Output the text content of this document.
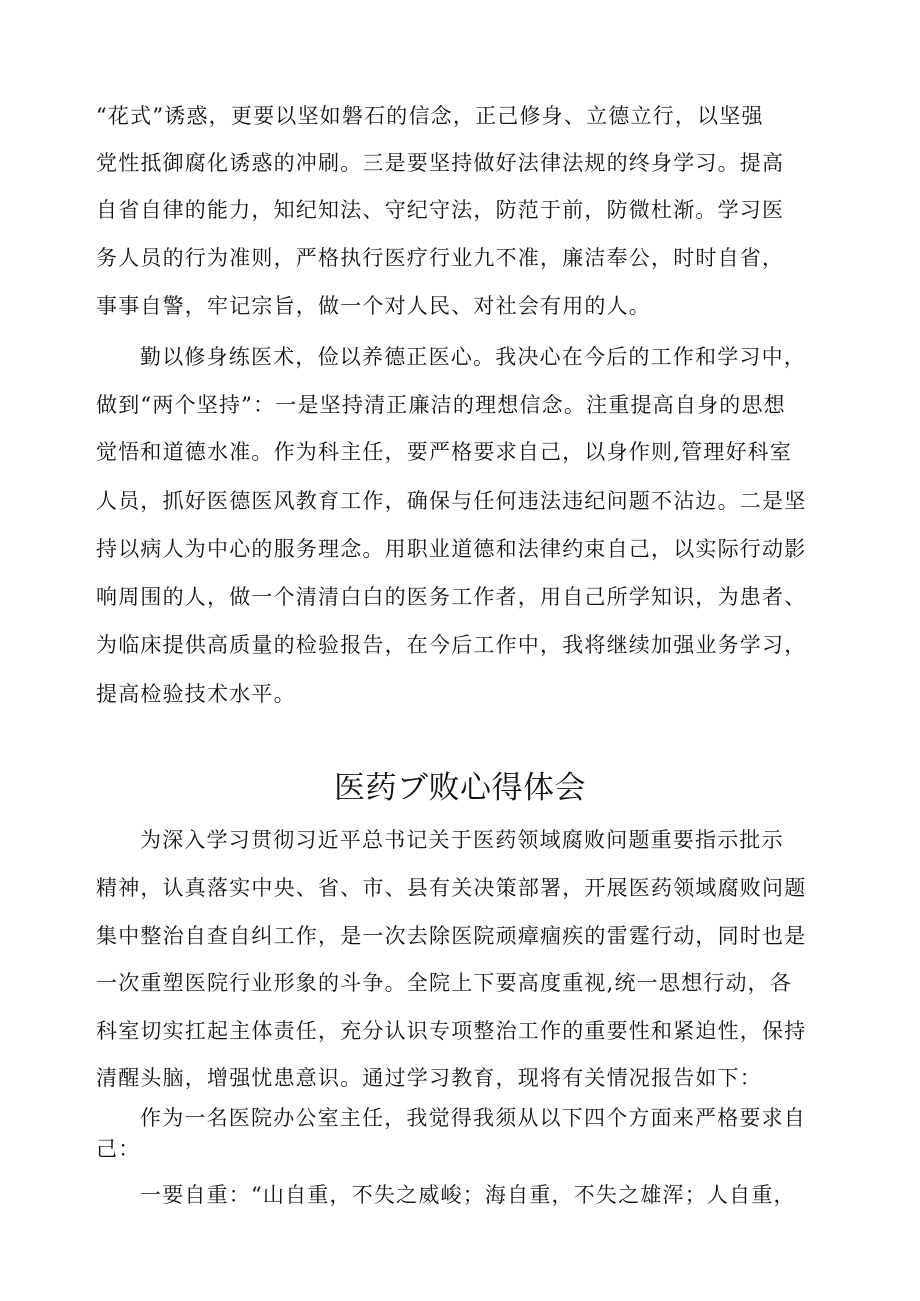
“花式”诱惑，更要以坚如磐石的信念，正己修身、立德立行，以坚强
党性抵御腐化诱惑的冲刷。三是要坚持做好法律法规的终身学习。提高
自省自律的能力，知纪知法、守纪守法，防范于前，防微杜渐。学习医
务人员的行为准则，严格执行医疗行业九不准，廉洁奉公，时时自省，
事事自警，牢记宗旨，做一个对人民、对社会有用的人。
勤以修身练医术，俭以养德正医心。我决心在今后的工作和学习中，
做到“两个坚持”：一是坚持清正廉洁的理想信念。注重提高自身的思想
觉悟和道德水准。作为科主任，要严格要求自己，以身作则,管理好科室
人员，抓好医德医风教育工作，确保与任何违法违纪问题不沾边。二是坚
持以病人为中心的服务理念。用职业道德和法律约束自己，以实际行动影
响周围的人，做一个清清白白的医务工作者，用自己所学知识，为患者、
为临床提供高质量的检验报告，在今后工作中，我将继续加强业务学习，
提高检验技术水平。
医药ブ败心得体会
为深入学习贯彻习近平总书记关于医药领域腐败问题重要指示批示
精神，认真落实中央、省、市、县有关决策部署，开展医药领域腐败问题
集中整治自查自纠工作，是一次去除医院顽瘴痼疾的雷霆行动，同时也是
一次重塑医院行业形象的斗争。全院上下要高度重视,统一思想行动，各
科室切实扛起主体责任，充分认识专项整治工作的重要性和紧迫性，保持
清醒头脑，增强忧患意识。通过学习教育，现将有关情况报告如下：
作为一名医院办公室主任，我觉得我须从以下四个方面来严格要求自
己：
一要自重：“山自重，不失之威峻；海自重，不失之雄浑；人自重，
